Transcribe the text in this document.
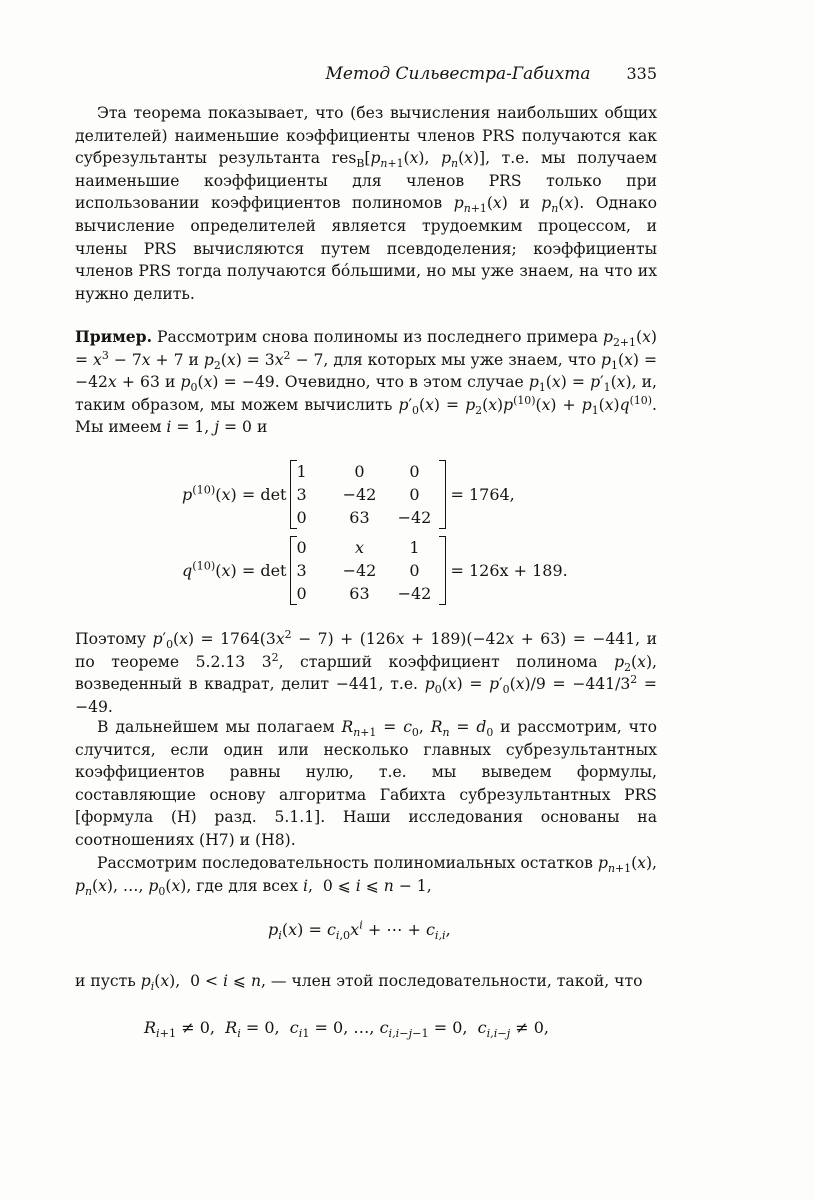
Метод Сильвестра-Габихта 335

Эта теорема показывает, что (без вычисления наибольших общих делителей) наименьшие коэффициенты членов PRS получаются как субрезультанты результанта $res_B[p_{n+1}(x)$, $p_n(x)$], т.е. мы получаем наименьшие коэффициенты для членов PRS только при использовании коэффициентов полиномов $p_{n+1}(x)$ и $p_n(x)$. Однако вычисление определителей является трудоемким процессом, и члены PRS вычисляются путем псевдоделения; коэффициенты членов PRS тогда получаются бóльшими, но мы уже знаем, на что их нужно делить.

Пример. Рассмотрим снова полиномы из последнего примера $p_{2+1}(x) = x^3 - 7x + 7$ и $p_2(x) = 3x^2 - 7$, для которых мы уже знаем, что $p_1(x) = -42x + 63$ и $p_0(x) = -49$. Очевидно, что в этом случае $p_1(x) = p'_1(x)$, и, таким образом, мы можем вычислить $p'_0(x) = p_2(x)p^{(10)}(x) + p_1(x)q^{(10)}$. Мы имеем i = 1, j = 0 и

$p^{(10)}(x) = \det$
1	0	0
3	−42	0
0	63	−42
= 1764,
$q^{(10)}(x) = \det$
0	x	1
3	−42	0
0	63	−42
= 126x + 189.

Поэтому $p'_0(x) = 1764(3x^2 - 7) + (126x + 189)(-42x + 63) = -441$, и по теореме 5.2.13 $3^2$, старший коэффициент полинома $p_2(x)$, возведенный в квадрат, делит −441, т.е. $p_0(x) = p'_0(x)/9 = -441/3^2 = -49$.

В дальнейшем мы полагаем $R_{n+1} = c_0$, $R_n = d_0$ и рассмотрим, что случится, если один или несколько главных субрезультантных коэффициентов равны нулю, т.е. мы выведем формулы, составляющие основу алгоритма Габихта субрезультантных PRS [формула (H) разд. 5.1.1]. Наши исследования основаны на соотношениях (H7) и (H8).

Рассмотрим последовательность полиномиальных остатков $p_{n+1}(x)$, $p_n(x)$, …, $p_0(x)$, где для всех i,  0 ⩽ i ⩽ n − 1,

$p_i(x) = c_{i,0}x^i$ + ⋯ + $c_{i,i}$ ,

и пусть $p_i(x)$,  0 < i ⩽ n, — член этой последовательности, такой, что

$R_{i+1} \ne 0$,  $R_i = 0$,  $c_{i1} = 0$, …, $c_{i,i-j-1} = 0$,  $c_{i,i-j} \ne 0$,
